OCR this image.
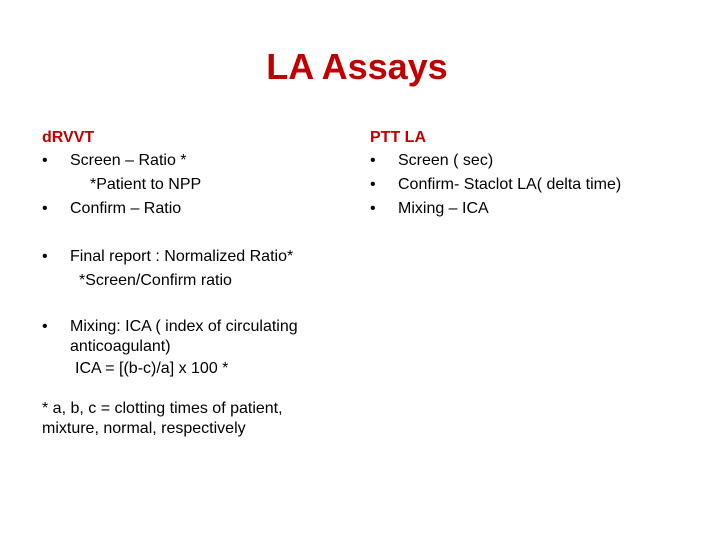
LA Assays
dRVVT
•	Screen – Ratio *
*Patient to NPP
•	Confirm – Ratio
•	Final report : Normalized Ratio*
*Screen/Confirm ratio
•	Mixing: ICA ( index of circulating
anticoagulant)
ICA = [(b-c)/a] x 100 *
* a, b, c = clotting times of patient,
mixture, normal, respectively
PTT LA
•	Screen ( sec)
•	Confirm- Staclot LA( delta time)
•	Mixing – ICA
